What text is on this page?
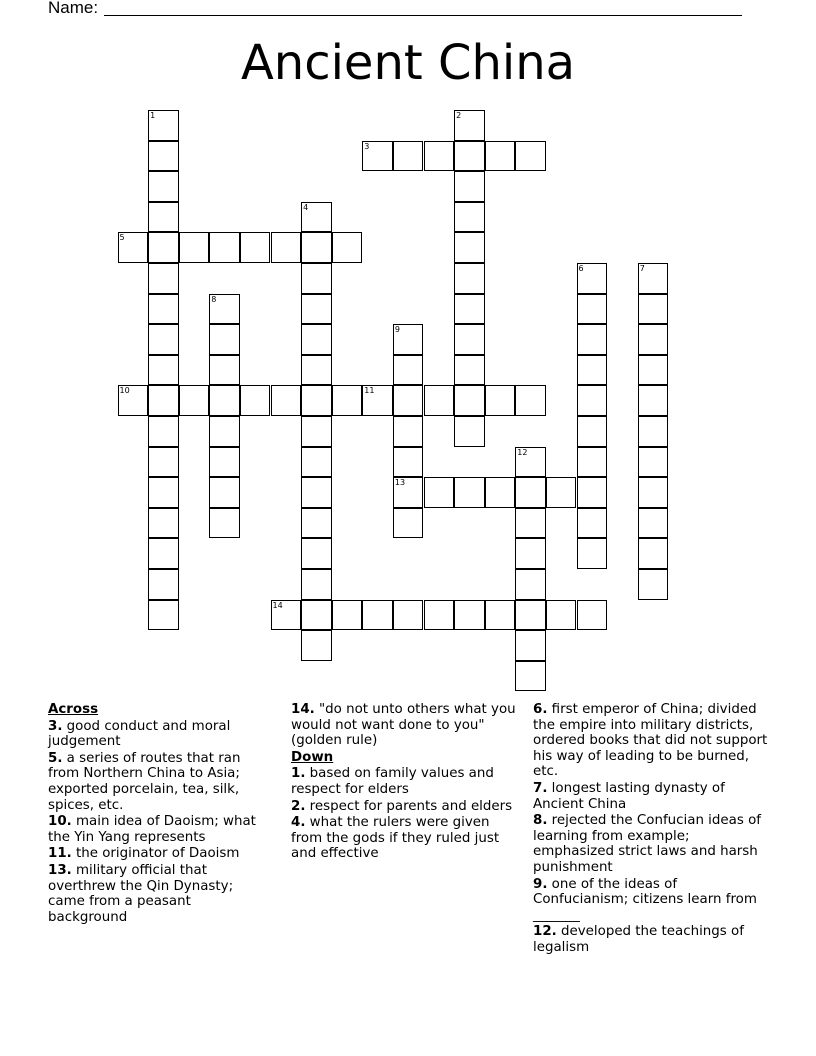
Name:
Ancient China
1	2
3
4
5
6	7
8
9
13
10	11
12
14
Across
3. good conduct and moral judgement
5. a series of routes that ran from Northern China to Asia; exported porcelain, tea, silk, spices, etc.
10. main idea of Daoism; what the Yin Yang represents
11. the originator of Daoism
13. military official that overthrew the Qin Dynasty; came from a peasant background
14. "do not unto others what you would not want done to you"(golden rule)
Down
1. based on family values and respect for elders
2. respect for parents and elders
4. what the rulers were given from the gods if they ruled just and effective
6. first emperor of China; divided the empire into military districts, ordered books that did not support his way of leading to be burned, etc.
7. longest lasting dynasty of Ancient China
8. rejected the Confucian ideas of learning from example; emphasized strict laws and harsh punishment
9. one of the ideas of Confucianism; citizens learn from _______
12. developed the teachings of legalism
